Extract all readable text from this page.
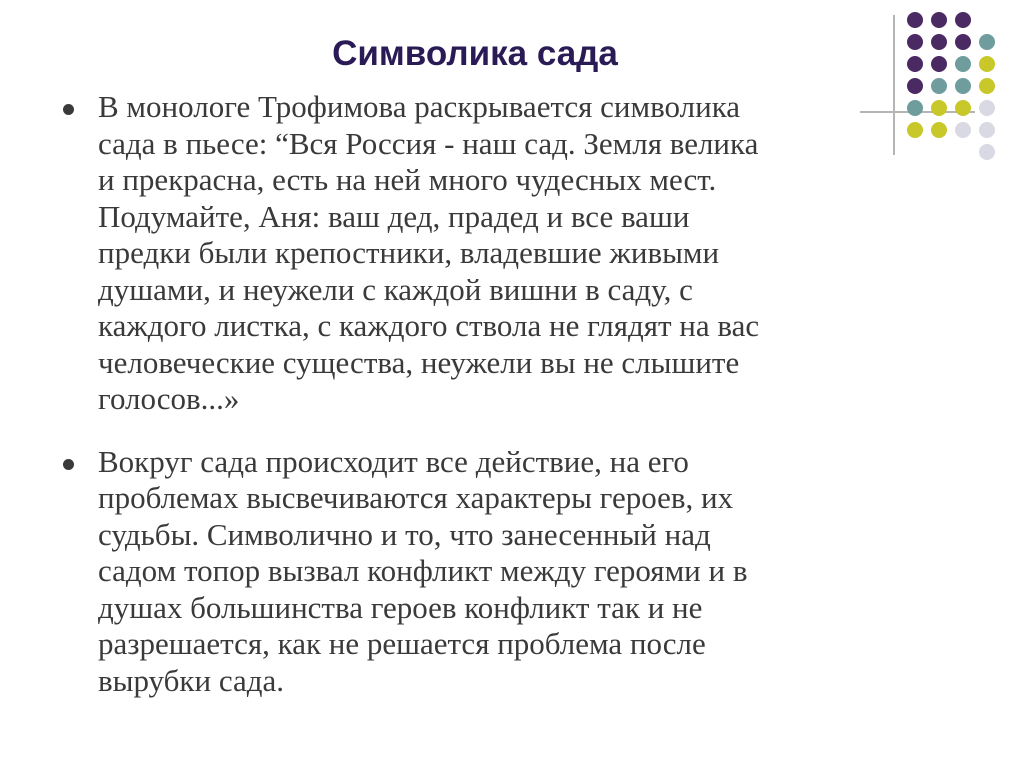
Символика сада
В монологе Трофимова раскрывается символика
сада в пьесе: “Вся Россия - наш сад. Земля велика
и прекрасна, есть на ней много чудесных мест.
Подумайте, Аня: ваш дед, прадед и все ваши
предки были крепостники, владевшие живыми
душами, и неужели с каждой вишни в саду, с
каждого листка, с каждого ствола не глядят на вас
человеческие существа, неужели вы не слышите
голосов...»
Вокруг сада происходит все действие, на его
проблемах высвечиваются характеры героев, их
судьбы. Символично и то, что занесенный над
садом топор вызвал конфликт между героями и в
душах большинства героев конфликт так и не
разрешается, как не решается проблема после
вырубки сада.
